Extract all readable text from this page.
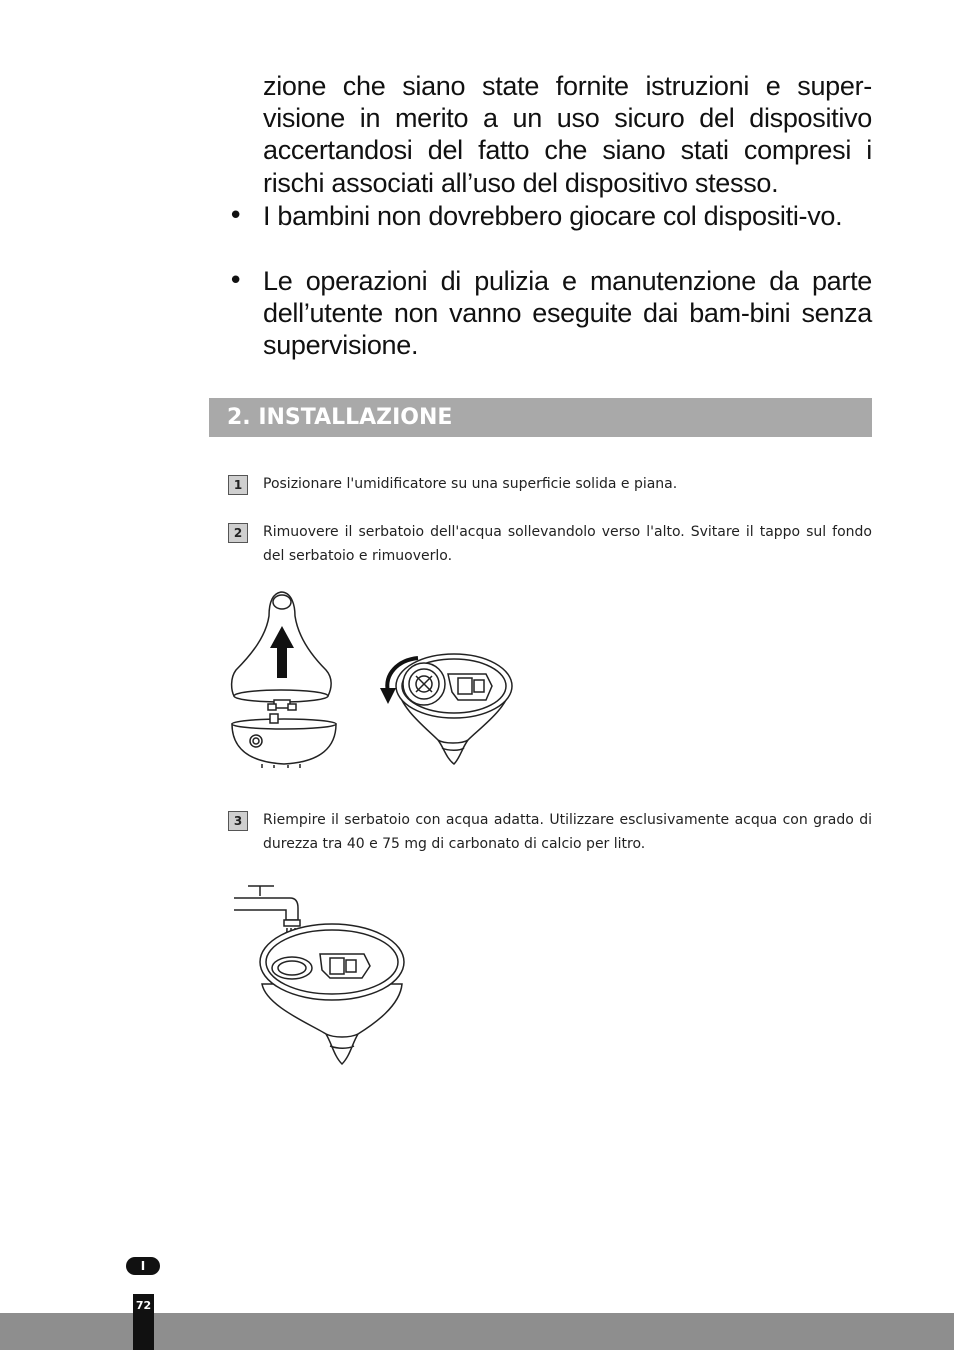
zione che siano state fornite istruzioni e super-visione in merito a un uso sicuro del dispositivo accertandosi del fatto che siano stati compresi i rischi associati all’uso del dispositivo stesso.
• I bambini non dovrebbero giocare col dispositi-vo.
• Le operazioni di pulizia e manutenzione da parte dell’utente non vanno eseguite dai bam-bini senza supervisione.
2. INSTALLAZIONE
1	Posizionare l'umidificatore su una superficie solida e piana.
2	Rimuovere il serbatoio dell'acqua sollevandolo verso l'alto. Svitare il tappo sul fondo del serbatoio e rimuoverlo.
3	Riempire il serbatoio con acqua adatta. Utilizzare esclusivamente acqua con grado di durezza tra 40 e 75 mg di carbonato di calcio per litro.
I
72
